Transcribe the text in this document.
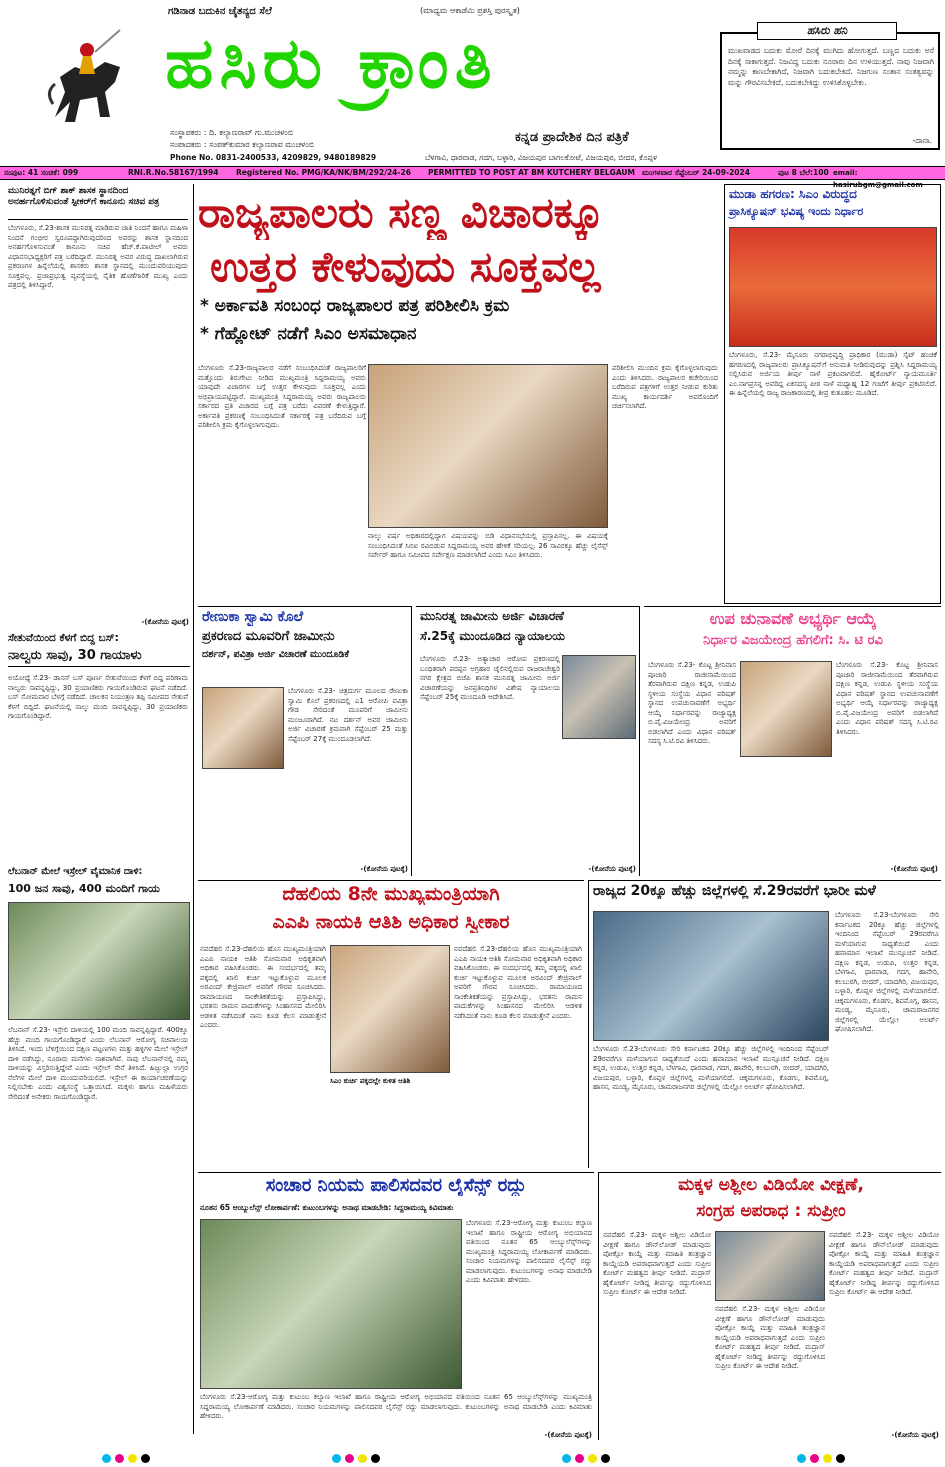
ಗಡಿನಾಡ ಬದುಕಿನ ಚೈತನ್ಯದ ಸೆಲೆ	(ಮಾಧ್ಯಮ ಆಕಾಡೆಮಿ ಪ್ರಶಸ್ತಿ ಪುರಸ್ಕೃತ)
ಹಸಿರು ಕ್ರಾಂತಿ
ಕನ್ನಡ ಪ್ರಾದೇಶಿಕ ದಿನ ಪತ್ರಿಕೆ
ಸಂಸ್ಥಾಪಕರು : ದಿ. ಕಲ್ಯಾಣರಾವ್ ಗು.ಮುಚಳಂಬಿ
ಸಂಪಾದಕರು : ಸಂಪತ್‌ಕುಮಾರ ಕಲ್ಯಾಣರಾವ ಮುಚಳಂಬಿ
Phone No. 0831-2400533, 4209829, 9480189829	ಬೆಳಗಾವಿ, ಧಾರವಾಡ, ಗದಗ, ಬಳ್ಳಾರಿ, ವಿಜಯಪುರ ಬಾಗಲಕೋಟೆ, ವಿಜಯಪುರ, ಬೀದರ, ಕೊಪ್ಪಳ
ಹಸಿರು ಹನಿ
ಮುಖವಾಡದ ಬದುಕು ಮೋರೆ ದಿನಕ್ಕೆ ಮುಗಿದು ಹೋಗುತ್ತದೆ. ಬಣ್ಣದ ಬದುಕು ಅರೆ ದಿನಕ್ಕೆ ಸಾಕಾಗುತ್ತದೆ. ನಿಜವಿದ್ದ ಬದುಕು ನೂರಾರು ದಿನ ಉಳಿಯುತ್ತದೆ. ನಾವು ನಿಜವಾಗಿ ನಮ್ಮನ್ನು ಕಾಣಬೇಕಾಗಿದೆ, ನಿಜವಾಗಿ ಬದುಕಬೇಕಿದೆ. ನಿಜಗುಣ ಸಂತಾನ ಸಂತತ್ವವನ್ನು ಮನ್ನು ಗೌರವಿಸಬೇಕಿದೆ, ಬದುಕಬೇಕಿದ್ದು ಉಳಿಸಿಕೊಳ್ಳಬೇಕು.
-ದಾನಾ.
ಸಂಪುಟ: 41 ಸಂಚಿಕೆ: 099	RNI.R.No.58167/1994	Registered No. PMG/KA/NK/BM/292/24-26	PERMITTED TO POST AT BM KUTCHERY BELGAUM ಮಂಗಳವಾರ ಸೆಪ್ಟೆಂಬರ್ 24-09-2024	ಪುಟ 8 ಬೆಲೆ:100 email: hasirubgm@gmail.com
ಮುನಿರತ್ನಗೆ ಬಿಗ್ ಶಾಕ್ ಶಾಸಕ ಸ್ಥಾನದಿಂದ ಅನರ್ಹಗೊಳಿಸುವಂತೆ ಸ್ಪೀಕರ್‌ಗೆ ಕಾನೂನು ಸಚಿವ ಪತ್ರ
ಬೆಂಗಳೂರು, ಸೆ.23-ಶಾಸಕ ಮುನಿರತ್ನ ಮಾಡಿರುವ ಜಾತಿ ನಿಂದನೆ ಹಾಗೂ ಮಹಿಳಾ ನಿಂದನೆ ಗಂಭೀರ ಸ್ವರೂಪದ್ದಾಗಿರುವುದರಿಂದ ಅವರನ್ನು ಶಾಸಕ ಸ್ಥಾನದಿಂದ ಅನರ್ಹಗೊಳಿಸುವಂತೆ ಕಾನೂನು ಸಚಿವ ಹೆಚ್.ಕೆ.ಪಾಟೀಲ್ ಅವರು ವಿಧಾನಸಭಾಧ್ಯಕ್ಷರಿಗೆ ಪತ್ರ ಬರೆದಿದ್ದಾರೆ. ಮುನಿರತ್ನ ಅವರ ವಿರುದ್ಧ ದಾಖಲಾಗಿರುವ ಪ್ರಕರಣಗಳ ಹಿನ್ನೆಲೆಯಲ್ಲಿ ಶಾಸಕರು ಶಾಸಕ ಸ್ಥಾನದಲ್ಲಿ ಮುಂದುವರಿಯುವುದು ಸೂಕ್ತವಲ್ಲ. ಪ್ರಜಾಪ್ರಭುತ್ವ ವ್ಯವಸ್ಥೆಯಲ್ಲಿ ನೈತಿಕ ಹೊಣೆಗಾರಿಕೆ ಮುಖ್ಯ ಎಂದು ಪತ್ರದಲ್ಲಿ ತಿಳಿಸಿದ್ದಾರೆ.
-(ಕೋನೆಯ ಪುಟಕ್ಕೆ)
ಸೇತುವೆಯಿಂದ ಕೆಳಗೆ ಬಿದ್ದ ಬಸ್:
ನಾಲ್ವರು ಸಾವು, 30 ಗಾಯಾಳು
ಅಯೋಧ್ಯೆ ಸೆ.23- ಡಾಸನ್ ಬಸ್ ಪೂರ್ಣ ಸೇತುವೆಯಿಂದ ಕೆಳಗೆ ಬಿದ್ದ ಪರಿಣಾಮ ನಾಲ್ವರು ಸಾವನ್ನಪ್ಪಿದ್ದು, 30 ಪ್ರಯಾಣಿಕರು ಗಾಯಗೊಂಡಿರುವ ಘಟನೆ ನಡೆದಿದೆ. ಬಸ್ ಸೋಮವಾರ ಬೆಳಗ್ಗೆ ನಡೆದಿದೆ. ಚಾಲಕನ ನಿಯಂತ್ರಣ ತಪ್ಪಿ ಸಮೀಪದ ಸೇತುವೆ ಕೆಳಗೆ ಬಿದ್ದಿದೆ. ಘಟನೆಯಲ್ಲಿ ನಾಲ್ಕು ಮಂದಿ ಸಾವನ್ನಪ್ಪಿದ್ದು, 30 ಪ್ರಯಾಣಿಕರು ಗಾಯಗೊಂಡಿದ್ದಾರೆ.
ಲೆಬನಾನ್ ಮೇಲೆ ಇಸ್ರೇಲ್ ವೈಮಾನಿಕ ದಾಳಿ:
100 ಜನ ಸಾವು, 400 ಮಂದಿಗೆ ಗಾಯ
ಲೆಬನಾನ್ ಸೆ.23- ಇಸ್ರೇಲಿ ದಾಳಿಯಲ್ಲಿ 100 ಮಂದಿ ಸಾವನ್ನಪ್ಪಿದ್ದಾರೆ. 400ಕ್ಕೂ ಹೆಚ್ಚು ಮಂದಿ ಗಾಯಗೊಂಡಿದ್ದಾರೆ ಎಂದು ಲೆಬನಾನ್ ಆರೋಗ್ಯ ಸಚಿವಾಲಯ ತಿಳಿಸಿದೆ. ಇಂದು ಬೆಳಿಗ್ಗೆಯಿಂದ ದಕ್ಷಿಣ ಪಟ್ಟಣಗಳು ಮತ್ತು ಹಳ್ಳಿಗಳ ಮೇಲೆ ಇಸ್ರೇಲ್ ದಾಳಿ ನಡೆಸಿದ್ದು, ನೂರಾರು ಮನೆಗಳು ನಾಶವಾಗಿವೆ. ನಾವು ಲೆಬನಾನ್‌ನಲ್ಲಿ ನಮ್ಮ ದಾಳಿಯನ್ನು ವಿಸ್ತರಿಸುತ್ತಿದ್ದೇವೆ ಎಂದು ಇಸ್ರೇಲ್ ಸೇನೆ ತಿಳಿಸಿದೆ. ಹಿಜ್ಬುಲ್ಲಾ ಉಗ್ರರ ನೆಲೆಗಳ ಮೇಲೆ ದಾಳಿ ಮುಂದುವರಿಯಲಿದೆ. ಇಸ್ರೇಲ್ ಈ ಕಾರ್ಯಾಚರಣೆಯನ್ನು ನಿಲ್ಲಿಸಬೇಕು ಎಂದು ವಿಶ್ವಸಂಸ್ಥೆ ಒತ್ತಾಯಿಸಿದೆ. ಮಕ್ಕಳು ಹಾಗೂ ಮಹಿಳೆಯರು ಸೇರಿದಂತೆ ಅನೇಕರು ಗಾಯಗೊಂಡಿದ್ದಾರೆ.
ರಾಜ್ಯಪಾಲರು ಸಣ್ಣ ವಿಚಾರಕ್ಕೂ
ಉತ್ತರ ಕೇಳುವುದು ಸೂಕ್ತವಲ್ಲ
* ಅರ್ಕಾವತಿ ಸಂಬಂಧ ರಾಜ್ಯಪಾಲರ ಪತ್ರ ಪರಿಶೀಲಿಸಿ ಕ್ರಮ
* ಗೆಹ್ಲೋಟ್ ನಡೆಗೆ ಸಿಎಂ ಅಸಮಾಧಾನ
ಬೆಂಗಳೂರು ಸೆ.23-ರಾಜ್ಯಪಾಲರ ನಡೆಗೆ ಸಂಬಂಧಿಸಿದಂತೆ ರಾಜ್ಯಪಾಲರಿಗೆ ಮತ್ತೊಂದು ತಿರುಗೇಟು ನೀಡಿದ ಮುಖ್ಯಮಂತ್ರಿ ಸಿದ್ದರಾಮಯ್ಯ ಅವರು ಯಾವುದೇ ವಿಚಾರಗಳ ಬಗ್ಗೆ ಉತ್ತರ ಕೇಳುವುದು ಸೂಕ್ತವಲ್ಲ ಎಂದು ಅಭಿಪ್ರಾಯಪಟ್ಟಿದ್ದಾರೆ. ಮುಖ್ಯಮಂತ್ರಿ ಸಿದ್ದರಾಮಯ್ಯ ಅವರು ರಾಜ್ಯಪಾಲರು ಸರ್ಕಾರದ ಪ್ರತಿ ವಿಚಾರದ ಬಗ್ಗೆ ಪತ್ರ ಬರೆದು ವಿವರಣೆ ಕೇಳುತ್ತಿದ್ದಾರೆ. ಅರ್ಕಾವತಿ ಪ್ರಕರಣಕ್ಕೆ ಸಂಬಂಧಿಸಿದಂತೆ ಸರ್ಕಾರಕ್ಕೆ ಪತ್ರ ಬರೆದಿರುವ ಬಗ್ಗೆ ಪರಿಶೀಲಿಸಿ ಕ್ರಮ ಕೈಗೊಳ್ಳಲಾಗುವುದು.
ಪರಿಶೀಲಿಸಿ ಮುಂದಿನ ಕ್ರಮ ಕೈಗೊಳ್ಳಲಾಗುವುದು ಎಂದು ತಿಳಿಸಿದರು. ರಾಜ್ಯಪಾಲರ ಕಚೇರಿಯಿಂದ ಬರೆದಿರುವ ಪತ್ರಗಳಿಗೆ ಉತ್ತರ ನೀಡುವ ಕುರಿತು ಮುಖ್ಯ ಕಾರ್ಯದರ್ಶಿ ಅವರೊಂದಿಗೆ ಚರ್ಚಿಸಲಾಗಿದೆ.
ನಾಲ್ಕು ವರ್ಷ ಅಧಿಕಾರದಲ್ಲಿದ್ದಾಗ ವಿಷಯವನ್ನು ಬಿಡಿ ವಿಧಾನಸಭೆಯಲ್ಲಿ ಪ್ರಸ್ತಾಪಿಸಲ್ಲ. ಈ ವಿಷಯಕ್ಕೆ ಸಂಬಂಧಿಸಿದಂತೆ ಸಿಬಿಐ ರವಿಬಿಡುವ ಸಿದ್ದರಾಮಯ್ಯ ಅವರ ಹೇಳಿಕೆ ಸರಿಯಲ್ಲ. 26 ಸಾವಿರಕ್ಕೂ ಹೆಚ್ಚು ಲೈಸೆನ್ಸ್ ಸರ್ವೇರ್ ಹಾಗೂ ಸಮೀಪದ ಸರ್ವೇಕ್ಷಣ ಮಾಡಲಾಗಿದೆ ಎಂದು ಸಿಎಂ ತಿಳಿಸಿದರು.
ಮುಡಾ ಹಗರಣ: ಸಿಎಂ ವಿರುದ್ಧದ
ಪ್ರಾಸಿಕ್ಯೂಷನ್ ಭವಿಷ್ಯ ಇಂದು ನಿರ್ಧಾರ
ಬೆಂಗಳೂರು, ಸೆ.23- ಮೈಸೂರು ನಗರಾಭಿವೃದ್ಧಿ ಪ್ರಾಧಿಕಾರ (ಮುಡಾ) ಸೈಟ್ ಹಂಚಿಕೆ ಹಗರಣದಲ್ಲಿ ರಾಜ್ಯಪಾಲರು ಪ್ರಾಸಿಕ್ಯೂಷನ್‌ಗೆ ಅನುಮತಿ ನೀಡಿರುವುದನ್ನು ಪ್ರಶ್ನಿಸಿ ಸಿದ್ದರಾಮಯ್ಯ ಸಲ್ಲಿಸಿರುವ ಅರ್ಜಿಯ ತೀರ್ಪು ನಾಳೆ ಪ್ರಕಟವಾಗಲಿದೆ. ಹೈಕೋರ್ಟ್ ನ್ಯಾಯಮೂರ್ತಿ ಎಂ.ನಾಗಪ್ರಸನ್ನ ಅವರಿದ್ದ ಏಕಸದಸ್ಯ ಪೀಠ ನಾಳೆ ಮಧ್ಯಾಹ್ನ 12 ಗಂಟೆಗೆ ತೀರ್ಪು ಪ್ರಕಟಿಸಲಿದೆ. ಈ ಹಿನ್ನೆಲೆಯಲ್ಲಿ ರಾಜ್ಯ ರಾಜಕಾರಣದಲ್ಲಿ ತೀವ್ರ ಕುತೂಹಲ ಮೂಡಿದೆ.
ರೇಣುಕಾ ಸ್ವಾಮಿ ಕೊಲೆ
ಪ್ರಕರಣದ ಮೂವರಿಗೆ ಜಾಮೀನು
ದರ್ಶನ್, ಪವಿತ್ರಾ ಅರ್ಜಿ ವಿಚಾರಣೆ ಮುಂದೂಡಿಕೆ
ಬೆಂಗಳೂರು ಸೆ.23- ಚಿತ್ರದುರ್ಗ ಮೂಲದ ರೇಣುಕಾ ಸ್ವಾಮಿ ಕೊಲೆ ಪ್ರಕರಣದಲ್ಲಿ ಎ1 ಆರೋಪಿ ಪವಿತ್ರಾ ಗೌಡ ಸೇರಿದಂತೆ ಮೂವರಿಗೆ ಜಾಮೀನು ಮಂಜೂರಾಗಿದೆ. ನಟ ದರ್ಶನ್ ಅವರ ಜಾಮೀನು ಅರ್ಜಿ ವಿಚಾರಣೆ ಕ್ರಮವಾಗಿ ಸೆಪ್ಟೆಂಬರ್ 25 ಮತ್ತು ಸೆಪ್ಟೆಂಬರ್ 27ಕ್ಕೆ ಮುಂದೂಡಲಾಗಿದೆ.
-(ಕೋನೆಯ ಪುಟಕ್ಕೆ)
ಮುನಿರತ್ನ ಜಾಮೀನು ಅರ್ಜಿ ವಿಚಾರಣೆ
ಸೆ.25ಕ್ಕೆ ಮುಂದೂಡಿದ ನ್ಯಾಯಾಲಯ
ಬೆಂಗಳೂರು ಸೆ.23- ಅತ್ಯಾಚಾರ ಆರೋಪ ಪ್ರಕರಣದಲ್ಲಿ ಬಂಧಿತರಾಗಿ ಪರಪ್ಪನ ಅಗ್ರಹಾರ ಜೈಲಿನಲ್ಲಿರುವ ರಾಜರಾಜೇಶ್ವರಿ ನಗರ ಕ್ಷೇತ್ರದ ಬಿಜೆಪಿ ಶಾಸಕ ಮುನಿರತ್ನ ಜಾಮೀನು ಅರ್ಜಿ ವಿಚಾರಣೆಯನ್ನು ಜನಪ್ರತಿನಿಧಿಗಳ ವಿಶೇಷ ನ್ಯಾಯಾಲಯ ಸೆಪ್ಟೆಂಬರ್ 25ಕ್ಕೆ ಮುಂದೂಡಿ ಆದೇಶಿಸಿದೆ.
-(ಕೋನೆಯ ಪುಟಕ್ಕೆ)
ಉಪ ಚುನಾವಣೆ ಅಭ್ಯರ್ಥಿ ಆಯ್ಕೆ
ನಿರ್ಧಾರ ವಿಜಯೇಂದ್ರ ಹೆಗಲಿಗೆ: ಸಿ. ಟಿ ರವಿ
ಬೆಂಗಳೂರು ಸೆ.23- ಕೊಟ್ಟ ಶ್ರೀನಿವಾಸ ಪೂಜಾರಿ ರಾಜೀನಾಮೆಯಿಂದ ತೆರವಾಗಿರುವ ದಕ್ಷಿಣ ಕನ್ನಡ, ಉಡುಪಿ ಸ್ಥಳೀಯ ಸಂಸ್ಥೆಯ ವಿಧಾನ ಪರಿಷತ್ ಸ್ಥಾನದ ಉಪಚುನಾವಣೆಗೆ ಅಭ್ಯರ್ಥಿ ಆಯ್ಕೆ ನಿರ್ಧಾರವನ್ನು ರಾಜ್ಯಾಧ್ಯಕ್ಷ ಬಿ.ವೈ.ವಿಜಯೇಂದ್ರ ಅವರಿಗೆ ಬಿಡಲಾಗಿದೆ ಎಂದು ವಿಧಾನ ಪರಿಷತ್ ಸದಸ್ಯ ಸಿ.ಟಿ.ರವಿ ತಿಳಿಸಿದರು.
ಬೆಂಗಳೂರು ಸೆ.23- ಕೊಟ್ಟ ಶ್ರೀನಿವಾಸ ಪೂಜಾರಿ ರಾಜೀನಾಮೆಯಿಂದ ತೆರವಾಗಿರುವ ದಕ್ಷಿಣ ಕನ್ನಡ, ಉಡುಪಿ ಸ್ಥಳೀಯ ಸಂಸ್ಥೆಯ ವಿಧಾನ ಪರಿಷತ್ ಸ್ಥಾನದ ಉಪಚುನಾವಣೆಗೆ ಅಭ್ಯರ್ಥಿ ಆಯ್ಕೆ ನಿರ್ಧಾರವನ್ನು ರಾಜ್ಯಾಧ್ಯಕ್ಷ ಬಿ.ವೈ.ವಿಜಯೇಂದ್ರ ಅವರಿಗೆ ಬಿಡಲಾಗಿದೆ ಎಂದು ವಿಧಾನ ಪರಿಷತ್ ಸದಸ್ಯ ಸಿ.ಟಿ.ರವಿ ತಿಳಿಸಿದರು.
-(ಕೋನೆಯ ಪುಟಕ್ಕೆ)
ದೆಹಲಿಯ 8ನೇ ಮುಖ್ಯಮಂತ್ರಿಯಾಗಿ
ಎಎಪಿ ನಾಯಕಿ ಆತಿಶಿ ಅಧಿಕಾರ ಸ್ವೀಕಾರ
ನವದೆಹಲಿ ಸೆ.23-ದೆಹಲಿಯ ಹೊಸ ಮುಖ್ಯಮಂತ್ರಿಯಾಗಿ ಎಎಪಿ ನಾಯಕಿ ಆತಿಶಿ ಸೋಮವಾರ ಅಧಿಕೃತವಾಗಿ ಅಧಿಕಾರ ವಹಿಸಿಕೊಂಡರು. ಈ ಸಂದರ್ಭದಲ್ಲಿ ತಮ್ಮ ಪಕ್ಕದಲ್ಲಿ ಖಾಲಿ ಕುರ್ಚಿ ಇಟ್ಟುಕೊಳ್ಳುವ ಮೂಲಕ ಅರವಿಂದ್ ಕೇಜ್ರಿವಾಲ್ ಅವರಿಗೆ ಗೌರವ ಸೂಚಿಸಿದರು. ರಾಮಾಯಣದ ಸಾಂಕೇತಿಕತೆಯನ್ನು ಪ್ರಸ್ತಾಪಿಸಿದ್ದು, ಭರತನು ರಾಮನ ಪಾದುಕೆಗಳನ್ನು ಸಿಂಹಾಸನದ ಮೇಲಿರಿಸಿ ಆಡಳಿತ ನಡೆಸಿದಂತೆ ನಾನು ಕೂಡ ಕೆಲಸ ಮಾಡುತ್ತೇನೆ ಎಂದರು.
ಸಿಎಂ ಕುರ್ಚಿ ಪಕ್ಕದಲ್ಲೇ ಕುಳಿತ ಆತಿಶಿ
ನವದೆಹಲಿ ಸೆ.23-ದೆಹಲಿಯ ಹೊಸ ಮುಖ್ಯಮಂತ್ರಿಯಾಗಿ ಎಎಪಿ ನಾಯಕಿ ಆತಿಶಿ ಸೋಮವಾರ ಅಧಿಕೃತವಾಗಿ ಅಧಿಕಾರ ವಹಿಸಿಕೊಂಡರು. ಈ ಸಂದರ್ಭದಲ್ಲಿ ತಮ್ಮ ಪಕ್ಕದಲ್ಲಿ ಖಾಲಿ ಕುರ್ಚಿ ಇಟ್ಟುಕೊಳ್ಳುವ ಮೂಲಕ ಅರವಿಂದ್ ಕೇಜ್ರಿವಾಲ್ ಅವರಿಗೆ ಗೌರವ ಸೂಚಿಸಿದರು. ರಾಮಾಯಣದ ಸಾಂಕೇತಿಕತೆಯನ್ನು ಪ್ರಸ್ತಾಪಿಸಿದ್ದು, ಭರತನು ರಾಮನ ಪಾದುಕೆಗಳನ್ನು ಸಿಂಹಾಸನದ ಮೇಲಿರಿಸಿ ಆಡಳಿತ ನಡೆಸಿದಂತೆ ನಾನು ಕೂಡ ಕೆಲಸ ಮಾಡುತ್ತೇನೆ ಎಂದರು.
ರಾಜ್ಯದ 20ಕ್ಕೂ ಹೆಚ್ಚು ಜಿಲ್ಲೆಗಳಲ್ಲಿ ಸೆ.29ರವರೆಗೆ ಭಾರೀ ಮಳೆ
ಬೆಂಗಳೂರು ಸೆ.23-ಬೆಂಗಳೂರು ಸೇರಿ ಕರ್ನಾಟಕದ 20ಕ್ಕೂ ಹೆಚ್ಚು ಜಿಲ್ಲೆಗಳಲ್ಲಿ ಇಂದಿನಿಂದ ಸೆಪ್ಟೆಂಬರ್ 29ರವರೆಗೂ ಮಳೆಯಾಗುವ ಸಾಧ್ಯತೆಯಿದೆ ಎಂದು ಹವಾಮಾನ ಇಲಾಖೆ ಮುನ್ಸೂಚನೆ ನೀಡಿದೆ. ದಕ್ಷಿಣ ಕನ್ನಡ, ಉಡುಪಿ, ಉತ್ತರ ಕನ್ನಡ, ಬೆಳಗಾವಿ, ಧಾರವಾಡ, ಗದಗ, ಹಾವೇರಿ, ಕಲಬುರಗಿ, ಬೀದರ್, ಯಾದಗಿರಿ, ವಿಜಯಪುರ, ಬಳ್ಳಾರಿ, ಕೊಪ್ಪಳ ಜಿಲ್ಲೆಗಳಲ್ಲಿ ಮಳೆಯಾಗಲಿದೆ. ಚಿಕ್ಕಮಗಳೂರು, ಕೊಡಗು, ಶಿವಮೊಗ್ಗ, ಹಾಸನ, ಮಂಡ್ಯ, ಮೈಸೂರು, ಚಾಮರಾಜನಗರ ಜಿಲ್ಲೆಗಳಲ್ಲಿ ಯೆಲ್ಲೋ ಅಲರ್ಟ್ ಘೋಷಿಸಲಾಗಿದೆ.
ಬೆಂಗಳೂರು ಸೆ.23-ಬೆಂಗಳೂರು ಸೇರಿ ಕರ್ನಾಟಕದ 20ಕ್ಕೂ ಹೆಚ್ಚು ಜಿಲ್ಲೆಗಳಲ್ಲಿ ಇಂದಿನಿಂದ ಸೆಪ್ಟೆಂಬರ್ 29ರವರೆಗೂ ಮಳೆಯಾಗುವ ಸಾಧ್ಯತೆಯಿದೆ ಎಂದು ಹವಾಮಾನ ಇಲಾಖೆ ಮುನ್ಸೂಚನೆ ನೀಡಿದೆ. ದಕ್ಷಿಣ ಕನ್ನಡ, ಉಡುಪಿ, ಉತ್ತರ ಕನ್ನಡ, ಬೆಳಗಾವಿ, ಧಾರವಾಡ, ಗದಗ, ಹಾವೇರಿ, ಕಲಬುರಗಿ, ಬೀದರ್, ಯಾದಗಿರಿ, ವಿಜಯಪುರ, ಬಳ್ಳಾರಿ, ಕೊಪ್ಪಳ ಜಿಲ್ಲೆಗಳಲ್ಲಿ ಮಳೆಯಾಗಲಿದೆ. ಚಿಕ್ಕಮಗಳೂರು, ಕೊಡಗು, ಶಿವಮೊಗ್ಗ, ಹಾಸನ, ಮಂಡ್ಯ, ಮೈಸೂರು, ಚಾಮರಾಜನಗರ ಜಿಲ್ಲೆಗಳಲ್ಲಿ ಯೆಲ್ಲೋ ಅಲರ್ಟ್ ಘೋಷಿಸಲಾಗಿದೆ.
ಸಂಚಾರ ನಿಯಮ ಪಾಲಿಸದವರ ಲೈಸೆನ್ಸ್ ರದ್ದು
ನೂತನ 65 ಆಂಬ್ಯುಲೆನ್ಸ್ ಲೋಕಾರ್ಪಣೆ: ಕುಟುಂಬಗಳನ್ನು ಅನಾಥ ಮಾಡಬೇಡಿ: ಸಿದ್ದರಾಮಯ್ಯ ಕಿವಿಮಾತು
ಬೆಂಗಳೂರು ಸೆ.23-ಆರೋಗ್ಯ ಮತ್ತು ಕುಟುಂಬ ಕಲ್ಯಾಣ ಇಲಾಖೆ ಹಾಗೂ ರಾಷ್ಟ್ರೀಯ ಆರೋಗ್ಯ ಅಭಿಯಾನದ ವತಿಯಿಂದ ನೂತನ 65 ಆಂಬ್ಯುಲೆನ್ಸ್‌ಗಳನ್ನು ಮುಖ್ಯಮಂತ್ರಿ ಸಿದ್ದರಾಮಯ್ಯ ಲೋಕಾರ್ಪಣೆ ಮಾಡಿದರು. ಸಂಚಾರ ನಿಯಮಗಳನ್ನು ಪಾಲಿಸದವರ ಲೈಸೆನ್ಸ್ ರದ್ದು ಮಾಡಲಾಗುವುದು. ಕುಟುಂಬಗಳನ್ನು ಅನಾಥ ಮಾಡಬೇಡಿ ಎಂದು ಕಿವಿಮಾತು ಹೇಳಿದರು.
ಬೆಂಗಳೂರು ಸೆ.23-ಆರೋಗ್ಯ ಮತ್ತು ಕುಟುಂಬ ಕಲ್ಯಾಣ ಇಲಾಖೆ ಹಾಗೂ ರಾಷ್ಟ್ರೀಯ ಆರೋಗ್ಯ ಅಭಿಯಾನದ ವತಿಯಿಂದ ನೂತನ 65 ಆಂಬ್ಯುಲೆನ್ಸ್‌ಗಳನ್ನು ಮುಖ್ಯಮಂತ್ರಿ ಸಿದ್ದರಾಮಯ್ಯ ಲೋಕಾರ್ಪಣೆ ಮಾಡಿದರು. ಸಂಚಾರ ನಿಯಮಗಳನ್ನು ಪಾಲಿಸದವರ ಲೈಸೆನ್ಸ್ ರದ್ದು ಮಾಡಲಾಗುವುದು. ಕುಟುಂಬಗಳನ್ನು ಅನಾಥ ಮಾಡಬೇಡಿ ಎಂದು ಕಿವಿಮಾತು ಹೇಳಿದರು.
-(ಕೋನೆಯ ಪುಟಕ್ಕೆ)
ಮಕ್ಕಳ ಅಶ್ಲೀಲ ವಿಡಿಯೋ ವೀಕ್ಷಣೆ,
ಸಂಗ್ರಹ ಅಪರಾಧ : ಸುಪ್ರೀಂ
ನವದೆಹಲಿ ಸೆ.23- ಮಕ್ಕಳ ಅಶ್ಲೀಲ ವಿಡಿಯೋ ವೀಕ್ಷಣೆ ಹಾಗೂ ಡೌನ್‌ಲೋಡ್ ಮಾಡುವುದು ಪೋಕ್ಸೋ ಕಾಯ್ದೆ ಮತ್ತು ಮಾಹಿತಿ ತಂತ್ರಜ್ಞಾನ ಕಾಯ್ದೆಯಡಿ ಅಪರಾಧವಾಗುತ್ತದೆ ಎಂದು ಸುಪ್ರೀಂ ಕೋರ್ಟ್ ಮಹತ್ವದ ತೀರ್ಪು ನೀಡಿದೆ. ಮದ್ರಾಸ್ ಹೈಕೋರ್ಟ್ ನೀಡಿದ್ದ ತೀರ್ಪನ್ನು ರದ್ದುಗೊಳಿಸಿದ ಸುಪ್ರೀಂ ಕೋರ್ಟ್ ಈ ಆದೇಶ ನೀಡಿದೆ.
ನವದೆಹಲಿ ಸೆ.23- ಮಕ್ಕಳ ಅಶ್ಲೀಲ ವಿಡಿಯೋ ವೀಕ್ಷಣೆ ಹಾಗೂ ಡೌನ್‌ಲೋಡ್ ಮಾಡುವುದು ಪೋಕ್ಸೋ ಕಾಯ್ದೆ ಮತ್ತು ಮಾಹಿತಿ ತಂತ್ರಜ್ಞಾನ ಕಾಯ್ದೆಯಡಿ ಅಪರಾಧವಾಗುತ್ತದೆ ಎಂದು ಸುಪ್ರೀಂ ಕೋರ್ಟ್ ಮಹತ್ವದ ತೀರ್ಪು ನೀಡಿದೆ. ಮದ್ರಾಸ್ ಹೈಕೋರ್ಟ್ ನೀಡಿದ್ದ ತೀರ್ಪನ್ನು ರದ್ದುಗೊಳಿಸಿದ ಸುಪ್ರೀಂ ಕೋರ್ಟ್ ಈ ಆದೇಶ ನೀಡಿದೆ.
ನವದೆಹಲಿ ಸೆ.23- ಮಕ್ಕಳ ಅಶ್ಲೀಲ ವಿಡಿಯೋ ವೀಕ್ಷಣೆ ಹಾಗೂ ಡೌನ್‌ಲೋಡ್ ಮಾಡುವುದು ಪೋಕ್ಸೋ ಕಾಯ್ದೆ ಮತ್ತು ಮಾಹಿತಿ ತಂತ್ರಜ್ಞಾನ ಕಾಯ್ದೆಯಡಿ ಅಪರಾಧವಾಗುತ್ತದೆ ಎಂದು ಸುಪ್ರೀಂ ಕೋರ್ಟ್ ಮಹತ್ವದ ತೀರ್ಪು ನೀಡಿದೆ. ಮದ್ರಾಸ್ ಹೈಕೋರ್ಟ್ ನೀಡಿದ್ದ ತೀರ್ಪನ್ನು ರದ್ದುಗೊಳಿಸಿದ ಸುಪ್ರೀಂ ಕೋರ್ಟ್ ಈ ಆದೇಶ ನೀಡಿದೆ.
-(ಕೋನೆಯ ಪುಟಕ್ಕೆ)
